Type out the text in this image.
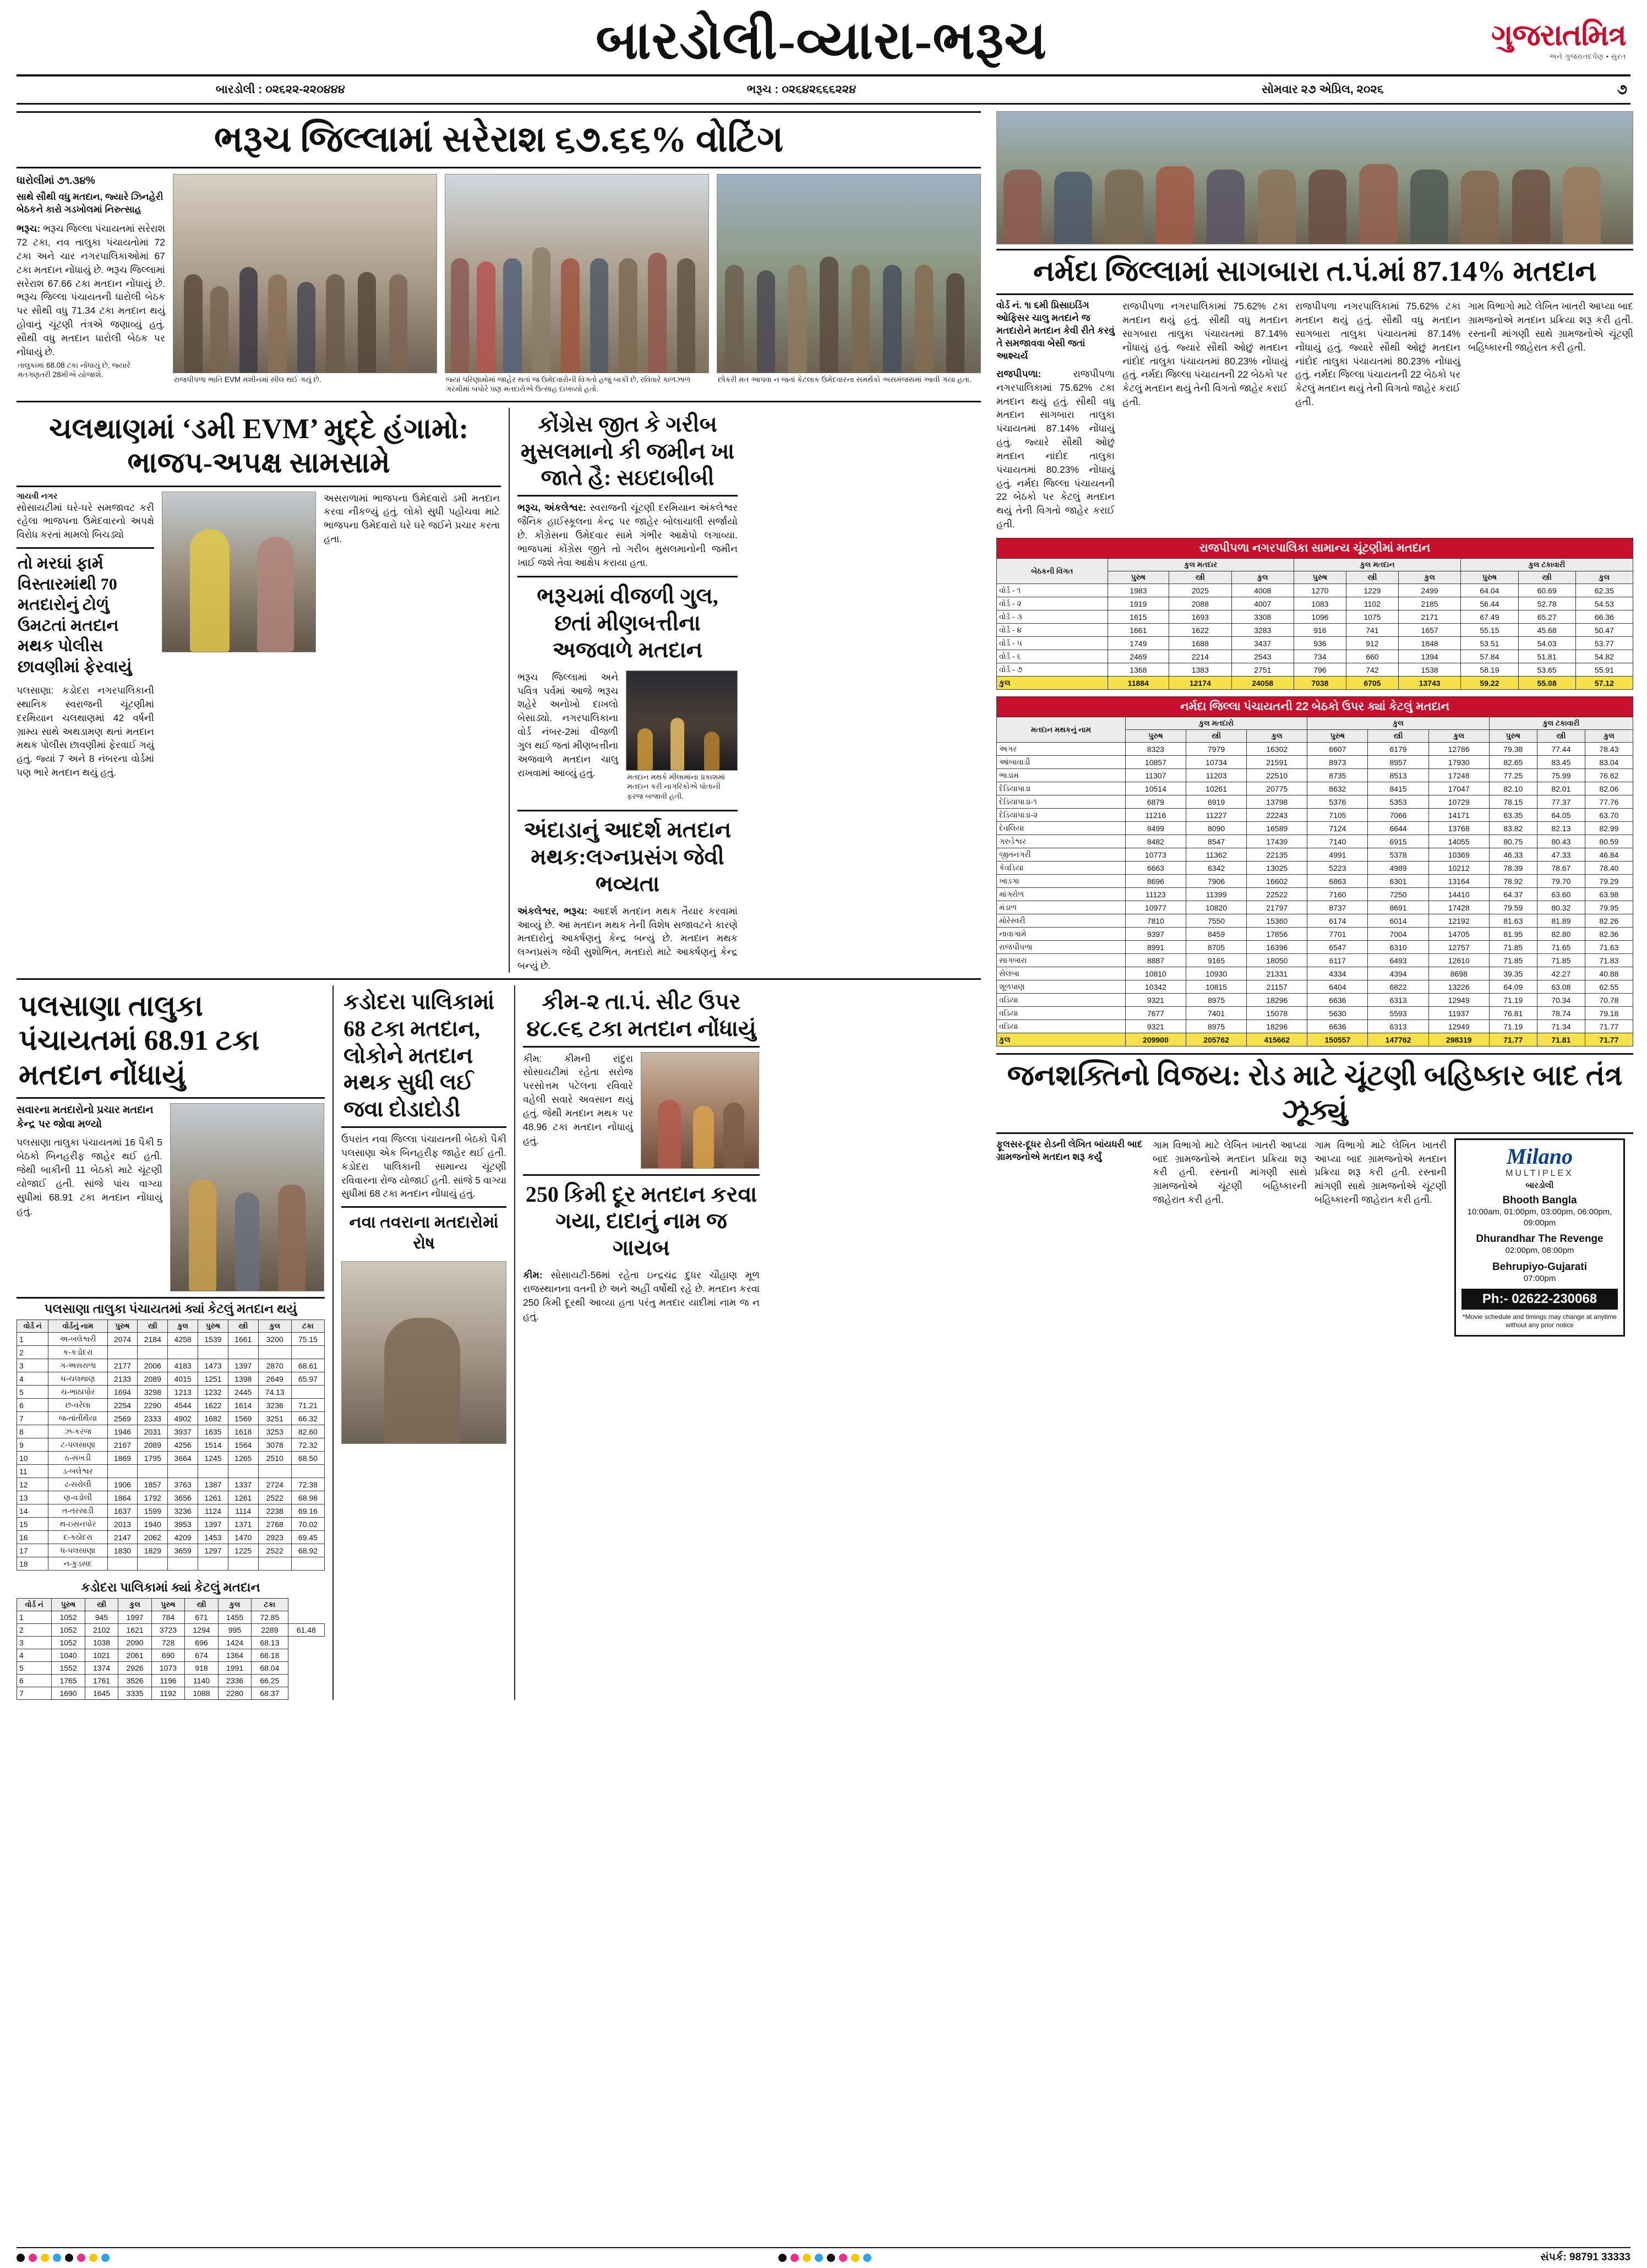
બારડોલી-વ્યારા-ભરૂચ	ગુજરાતમિત્ર
અને ગુજરાતદર્પણ • સુરત
બારડોલી : ૦૨૬૨૨-૨૨૦૪૪૪	ભરૂચ : ૦૨૬૪૨૬૬૬૨૨૪	સોમવાર ૨૭ એપ્રિલ, ૨૦૨૬	૭
ભરૂચ જિલ્લામાં સરેરાશ ૬૭.૬૬% વોટિંગ
ધારોલીમાં ૭૧.૩૪%
સાથે સૌથી વધુ મતદાન, જ્યારે ઝિનહેરી બેઠકને કારો ગડખોલમાં નિરુત્સાહ
ભરૂચ: ભરૂચ જિલ્લા પંચાયતમાં સરેરાશ 72 ટકા, નવ તાલુકા પંચાયતોમાં 72 ટકા અને ચાર નગરપાલિકાઓમાં 67 ટકા મતદાન નોંધાયું છે. ભરૂચ જિલ્લામાં સરેરાશ 67.66 ટકા મતદાન નોંધાયું છે. ભરૂચ જિલ્લા પંચાયતની ધારોલી બેઠક પર સૌથી વધુ 71.34 ટકા મતદાન થયું હોવાનું ચૂંટણી તંત્રએ જણાવ્યું હતું. સૌથી વધુ મતદાન ધારોલી બેઠક પર નોંધાયું છે.
તાલુકામાં 68.08 ટકા નોંધાયું છે, જ્યારે મતગણતરી 28મીએ યોજાશે.
રાજપીપળા ભાતિ EVM મશીનમાં સીલ થઈ ગયું છે.	જ્યાં પરિણામોમાં જાહેર થતાં જ ઉમેદવારોની વિગતો હજુ બાકી છે, રવિવારે કાળઝાળ ગરમીમાં બપોરે પણ મતદારોએ ઉત્સાહ દાખવ્યો હતો.
છોકરી મત આપવા ન જતાં કેટલાક ઉમેદવારના સમર્થકો અસમંજસમાં આવી ગયા હતા.
ચલથાણમાં ‘ડમી EVM’ મુદ્દે હંગામો: ભાજપ-અપક્ષ સામસામે
ગાયત્રી નગર
સોસાયટીમાં ઘરે-ઘરે સમજાવટ કરી રહેલા ભાજપના ઉમેદવારનો અપક્ષે વિરોધ કરતાં મામલો બિચડ્યો
તો મરઘાં ફાર્મ વિસ્તારમાંથી 70 મતદારોનું ટોળું ઉમટતાં મતદાન મથક પોલીસ છાવણીમાં ફેરવાયું
પલસાણા: કડોદરા નગરપાલિકાની સ્થાનિક સ્વરાજની ચૂંટણીમાં દરમિયાન ચલથાણમાં 42 વર્ષની ગ્રામ્ય સાથે અથડામણ થતાં મતદાન મથક પોલીસ છાવણીમાં ફેરવાઈ ગયું હતું. જ્યાં 7 અને 8 નંબરના વોર્ડમાં પણ ભારે મતદાન થયું હતું.
અસરાળામાં ભાજપના ઉમેદવારો ડમી મતદાન કરવા નીકળ્યું હતું. લોકો સુધી પહોંચવા માટે ભાજપના ઉમેદવારો ઘરે ઘરે જઈને પ્રચાર કરતા હતા.
કોંગ્રેસ જીત કે ગરીબ મુસલમાનો કી જમીન ખા જાતે હૈ: સઇદાબીબી
ભરૂચ, અંકલેશ્વર: સ્વરાજની ચૂંટણી દરમિયાન અંકલેશ્વર જૈનિક હાઈસ્કૂલના કેન્દ્ર પર જાહેર બોલાચાલી સર્જાયો છે. કોંગ્રેસના ઉમેદવાર સામે ગંભીર આક્ષેપો લગાવ્યા. ભાજપમાં કોંગ્રેસ જીતે તો ગરીબ મુસલમાનોની જમીન ખાઈ જશે તેવા આક્ષેપ કરાયા હતા.
ભરૂચમાં વીજળી ગુલ, છતાં મીણબત્તીના અજવાળે મતદાન
ભરૂચ જિલ્લામાં અને પવિત્ર પર્વમાં આજે ભરૂચ શહેરે અનોખો દાખલો બેસાડ્યો. નગરપાલિકાના વોર્ડ નંબર-2માં વીજળી ગુલ થઈ જતાં મીણબત્તીના અજવાળે મતદાન ચાલુ રાખવામાં આવ્યું હતું.	મતદાન મથકે મીલામાંના પ્રકાશમાં મતદાન કરી નાગરિકોએ પોતાની ફરજ બજાવી હતી.
અંદાડાનું આદર્શ મતદાન મથક:લગ્નપ્રસંગ જેવી ભવ્યતા
અંકલેશ્વર, ભરૂચ: આદર્શ મતદાન મથક તૈયાર કરવામાં આવ્યું છે. આ મતદાન મથક તેની વિશેષ સજાવટને કારણે મતદારોનું આકર્ષણનું કેન્દ્ર બન્યું છે. મતદાન મથક લગ્નપ્રસંગ જેવી સુશોભિત, મતદારો માટે આકર્ષણનું કેન્દ્ર બન્યું છે.
પલસાણા તાલુકા પંચાયતમાં 68.91 ટકા મતદાન નોંધાયું
સવારના મતદારોનો પ્રચાર મતદાન કેન્દ્ર પર જોવા મળ્યો
પલસાણા તાલુકા પંચાયતમાં 16 પૈકી 5 બેઠકો બિનહરીફ જાહેર થઈ હતી. જેથી બાકીની 11 બેઠકો માટે ચૂંટણી યોજાઈ હતી. સાંજે પાંચ વાગ્યા સુધીમાં 68.91 ટકા મતદાન નોંધાયું હતું.
પલસાણા તાલુકા પંચાયતમાં ક્યાં કેટલું મતદાન થયું
વોર્ડ નં	વોર્ડનું નામ	પુરુષ	સ્ત્રી	કુલ	પુરુષ	સ્ત્રી	કુલ	ટકા
1	અ-બલેશ્વરી	2074	2184	4258	1539	1661	3200	75.15
2	ક-કડોદરા							
3	ગ-અસરાળા	2177	2006	4183	1473	1397	2870	68.61
4	ઘ-ચલથાણ	2133	2089	4015	1251	1398	2649	65.97
5	ચ-ભાઠાપોર	1694	3298	1213	1232	2445	74.13	
6	છ-વરેલા	2254	2290	4544	1622	1614	3236	71.21
7	જ-તાંતીથૈયા	2569	2333	4902	1682	1569	3251	66.32
8	ઝ-કરંજ	1946	2031	3937	1635	1618	3253	82.60
9	ટ-પલસાણા	2167	2089	4256	1514	1564	3078	72.32
10	ઠ-સંખડી	1869	1795	3664	1245	1265	2510	68.50
11	ડ-બલેશ્વર							
12	ઢ-સરોલી	1906	1857	3763	1387	1337	2724	72.38
13	ણ-વડોલી	1864	1792	3656	1261	1261	2522	68.98
14	ત-તરસાડી	1637	1599	3236	1124	1114	2238	69.16
15	થ-ઇસનપોર	2013	1940	3953	1397	1371	2768	70.02
16	દ-કઠોદરા	2147	2062	4209	1453	1470	2923	69.45
17	ધ-પલસાણા	1830	1829	3659	1297	1225	2522	68.92
18	ન-કુડસદ							
કડોદરા પાલિકામાં ક્યાં કેટલું મતદાન
વોર્ડ નં	પુરુષ	સ્ત્રી	કુલ	પુરુષ	સ્ત્રી	કુલ	ટકા	
1	1052	945	1997	784	671	1455	72.85	
2	1052	2102	1621	3723	1294	995	2289	61.48
3	1052	1038	2090	728	696	1424	68.13	
4	1040	1021	2061	690	674	1364	66.18	
5	1552	1374	2926	1073	918	1991	68.04	
6	1765	1761	3526	1196	1140	2336	66.25	
7	1690	1645	3335	1192	1088	2280	68.37	
કડોદરા પાલિકામાં 68 ટકા મતદાન, લોકોને મતદાન મથક સુધી લઈ જવા દોડાદોડી
ઉપરાંત નવા જિલ્લા પંચાયતની બેઠકો પૈકી પલસાણા એક બિનહરીફ જાહેર થઈ હતી. કડોદરા પાલિકાની સામાન્ય ચૂંટણી રવિવારના રોજ યોજાઈ હતી. સાંજે 5 વાગ્યા સુધીમાં 68 ટકા મતદાન નોંધાયું હતું.
નવા તવરાના મતદારોમાં રોષ
કીમ-૨ તા.પં. સીટ ઉપર ૪૮.૯૬ ટકા મતદાન નોંધાયું
કીમ: કીમની રાંદુરા સોસાયટીમાં રહેતા સરોજ પરસોત્તમ પટેલના રવિવારે વહેલી સવારે અવસાન થયું હતું. જેથી મતદાન મથક પર 48.96 ટકા મતદાન નોંધાયું હતું.
250 કિમી દૂર મતદાન કરવા ગયા, દાદાનું નામ જ ગાયબ
કીમ: સોસાયટી-56માં રહેતા ઇન્દ્રચંદ્ર દુધર ચૌહાણ મૂળ રાજસ્થાનના વતની છે અને અહીં વર્ષોથી રહે છે. મતદાન કરવા 250 કિમી દૂરથી આવ્યા હતા પરંતુ મતદાર યાદીમાં નામ જ ન હતું.
નર્મદા જિલ્લામાં સાગબારા ત.પં.માં 87.14% મતદાન
વોર્ડ નં. ૧ા ૬મી પ્રિસાઇડિંગ ઓફિસર ચાલુ મતદાને જ મતદારોને મતદાન કેવી રીતે કરવું તે સમજાવવા બેસી જતાં આશ્ચર્ય
રાજપીપળા:	રાજપીપળા નગરપાલિકામાં 75.62% ટકા મતદાન થયું હતું. સૌથી વધુ મતદાન સાગબારા તાલુકા પંચાયતમાં 87.14% નોંધાયું હતું. જ્યારે સૌથી ઓછું મતદાન નાંદોદ તાલુકા પંચાયતમાં 80.23% નોંધાયું હતું. નર્મદા જિલ્લા પંચાયતની 22 બેઠકો પર કેટલું મતદાન થયું તેની વિગતો જાહેર કરાઈ હતી.
રાજપીપળા નગરપાલિકામાં 75.62% ટકા મતદાન થયું હતું. સૌથી વધુ મતદાન સાગબારા તાલુકા પંચાયતમાં 87.14% નોંધાયું હતું. જ્યારે સૌથી ઓછું મતદાન નાંદોદ તાલુકા પંચાયતમાં 80.23% નોંધાયું હતું. નર્મદા જિલ્લા પંચાયતની 22 બેઠકો પર કેટલું મતદાન થયું તેની વિગતો જાહેર કરાઈ હતી.
રાજપીપળા નગરપાલિકામાં 75.62% ટકા મતદાન થયું હતું. સૌથી વધુ મતદાન સાગબારા તાલુકા પંચાયતમાં 87.14% નોંધાયું હતું. જ્યારે સૌથી ઓછું મતદાન નાંદોદ તાલુકા પંચાયતમાં 80.23% નોંધાયું હતું. નર્મદા જિલ્લા પંચાયતની 22 બેઠકો પર કેટલું મતદાન થયું તેની વિગતો જાહેર કરાઈ હતી.
ગામ વિભાગો માટે લેખિત ખાતરી આપ્યા બાદ ગ્રામજનોએ મતદાન પ્રક્રિયા શરૂ કરી હતી. રસ્તાની માંગણી સાથે ગ્રામજનોએ ચૂંટણી બહિષ્કારની જાહેરાત કરી હતી.
રાજપીપળા નગરપાલિકા સામાન્ય ચૂંટણીમાં મતદાન
બેઠકની વિગત	કુલ મતદાર			કુલ મતદાન			કુલ ટકાવારી		
	પુરુષ	સ્ત્રી	કુલ	પુરુષ	સ્ત્રી	કુલ	પુરુષ	સ્ત્રી	કુલ
વોર્ડ - ૧	1983	2025	4008	1270	1229	2499	64.04	60.69	62.35
વોર્ડ - ૨	1919	2088	4007	1083	1102	2185	56.44	52.78	54.53
વોર્ડ - ૩	1615	1693	3308	1096	1075	2171	67.49	65.27	66.36
વોર્ડ - ૪	1661	1622	3283	916	741	1657	55.15	45.68	50.47
વોર્ડ - ૫	1749	1688	3437	936	912	1848	53.51	54.03	53.77
વોર્ડ - ૬	2469	2214	2543	734	660	1394	57.84	51.81	54.82
વોર્ડ - ૭	1368	1383	2751	796	742	1538	58.19	53.65	55.91
કુલ	11884	12174	24058	7038	6705	13743	59.22	55.08	57.12
નર્મદા જિલ્લા પંચાયતની 22 બેઠકો ઉપર ક્યાં કેટલું મતદાન
મતદાન મથકનું નામ	કુલ મતદારો			કુલ			કુલ ટકાવારી		
	પુરુષ	સ્ત્રી	કુલ	પુરુષ	સ્ત્રી	કુલ	પુરુષ	સ્ત્રી	કુલ
અગર	8323	7979	16302	6607	6179	12786	79.38	77.44	78.43
આંબાવાડી	10857	10734	21591	8973	8957	17930	82.65	83.45	83.04
ભાડામ	11307	11203	22510	8735	8513	17248	77.25	75.99	76.62
દેડિયાપાડા	10514	10261	20775	8632	8415	17047	82.10	82.01	82.06
દેડિયાપાડા-૧	6879	6919	13798	5376	5353	10729	78.15	77.37	77.76
દેડિયાપાડા-૨	11216	11227	22243	7105	7066	14171	63.35	64.05	63.70
દેવલિયા	8499	8090	16589	7124	6644	13768	83.82	82.13	82.99
ગરુડેશ્વર	8482	8547	17439	7140	6915	14055	80.75	80.43	80.59
જીતનગરી	10773	11362	22135	4991	5378	10369	46.33	47.33	46.84
કેવડિયા	6663	6342	13025	5223	4989	10212	78.39	78.67	78.40
ખાડગા	8696	7906	16602	6863	6301	13164	78.92	79.70	79.29
માંગરોળ	11123	11399	22522	7160	7250	14410	64.37	63.60	63.98
મંડાળ	10977	10820	21797	8737	8691	17428	79.59	80.32	79.95
મોરેસ્વરી	7810	7550	15360	6174	6014	12192	81.63	81.89	82.26
નાવાગામે	9397	8459	17856	7701	7004	14705	81.95	82.80	82.36
રાજપીપળા	8991	8705	16396	6547	6310	12757	71.85	71.65	71.63
સાગબારા	8887	9165	18050	6117	6493	12610	71.85	71.85	71.83
સેલંબા	10810	10930	21331	4334	4394	8698	39.35	42.27	40.88
શૂળપાણ	10342	10815	21157	6404	6822	13226	64.09	63.08	62.55
વડિયા	9321	8975	18296	6636	6313	12949	71.19	70.34	70.78
વડિયા	7677	7401	15078	5630	5593	11937	76.81	78.74	79.18
વડિયા	9321	8975	18296	6636	6313	12949	71.19	71.34	71.77
કુલ	209900	205762	415662	150557	147762	298319	71.77	71.81	71.77
જનશક્તિનો વિજય: રોડ માટે ચૂંટણી બહિષ્કાર બાદ તંત્ર ઝૂક્યું
ફૂલસર-દૂધર રોડની લેખિત બાંયધરી બાદ ગ્રામજનોએ મતદાન શરૂ કર્યું
ગામ વિભાગો માટે લેખિત ખાતરી આપ્યા બાદ ગ્રામજનોએ મતદાન પ્રક્રિયા શરૂ કરી હતી. રસ્તાની માંગણી સાથે ગ્રામજનોએ ચૂંટણી બહિષ્કારની જાહેરાત કરી હતી.
ગામ વિભાગો માટે લેખિત ખાતરી આપ્યા બાદ ગ્રામજનોએ મતદાન પ્રક્રિયા શરૂ કરી હતી. રસ્તાની માંગણી સાથે ગ્રામજનોએ ચૂંટણી બહિષ્કારની જાહેરાત કરી હતી.
Milano
MULTIPLEX
બારડોલી
Bhooth Bangla
10:00am, 01:00pm, 03:00pm, 06:00pm, 09:00pm
Dhurandhar The Revenge
02:00pm, 08:00pm
Behrupiyo-Gujarati
07:00pm
Ph:- 02622-230068
*Movie schedule and timings may change at anytime without any prior notice
સંપર્ક: 98791 33333
